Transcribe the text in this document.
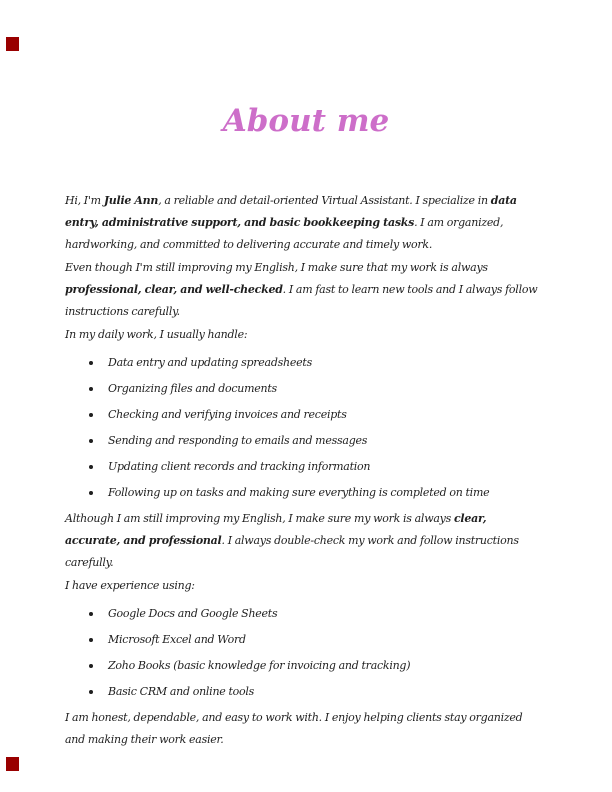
About me

Hi, I'm Julie Ann, a reliable and detail-oriented Virtual Assistant. I specialize in data entry, administrative support, and basic bookkeeping tasks. I am organized, hardworking, and committed to delivering accurate and timely work.

Even though I'm still improving my English, I make sure that my work is always professional, clear, and well-checked. I am fast to learn new tools and I always follow instructions carefully.

In my daily work, I usually handle:

Data entry and updating spreadsheets
Organizing files and documents
Checking and verifying invoices and receipts
Sending and responding to emails and messages
Updating client records and tracking information
Following up on tasks and making sure everything is completed on time

Although I am still improving my English, I make sure my work is always clear, accurate, and professional. I always double-check my work and follow instructions carefully.

I have experience using:

Google Docs and Google Sheets
Microsoft Excel and Word
Zoho Books (basic knowledge for invoicing and tracking)
Basic CRM and online tools

I am honest, dependable, and easy to work with. I enjoy helping clients stay organized and making their work easier.
